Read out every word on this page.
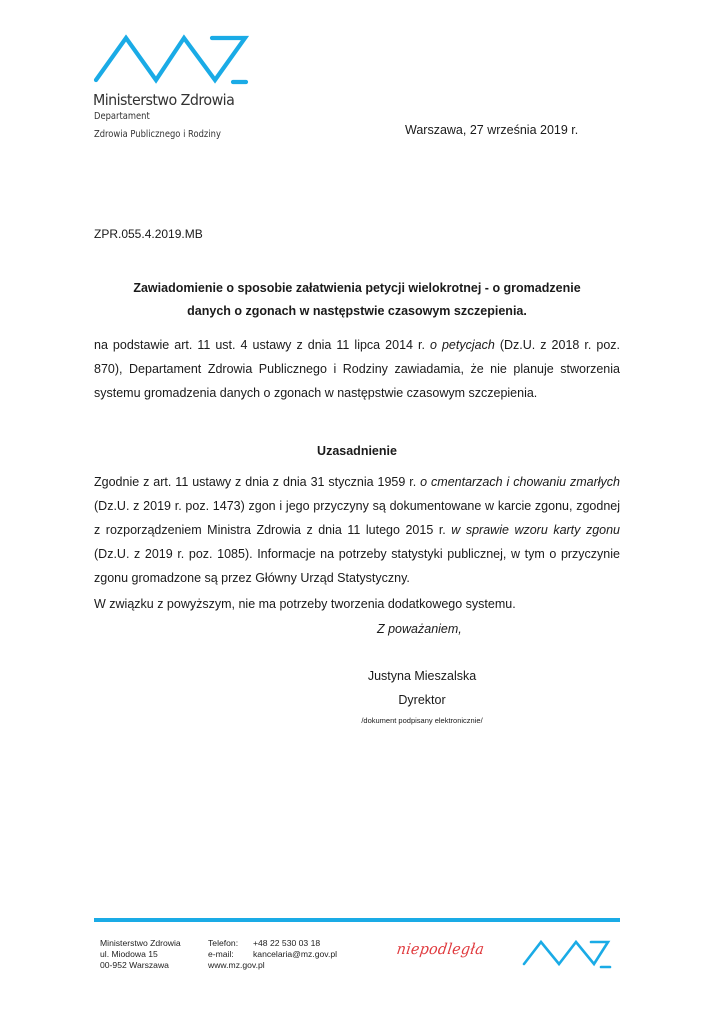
Ministerstwo Zdrowia
Departament
Zdrowia Publicznego i Rodziny	Warszawa, 27 września 2019 r.
ZPR.055.4.2019.MB
Zawiadomienie o sposobie załatwienia petycji wielokrotnej - o gromadzenie
danych o zgonach w następstwie czasowym szczepienia.
na podstawie art. 11 ust. 4 ustawy z dnia 11 lipca 2014 r. o petycjach (Dz.U. z 2018 r. poz. 870), Departament Zdrowia Publicznego i Rodziny zawiadamia, że nie planuje stworzenia systemu gromadzenia danych o zgonach w następstwie czasowym szczepienia.
Uzasadnienie
Zgodnie z art. 11 ustawy z dnia z dnia 31 stycznia 1959 r. o cmentarzach i chowaniu zmarłych (Dz.U. z 2019 r. poz. 1473) zgon i jego przyczyny są dokumentowane w karcie zgonu, zgodnej z rozporządzeniem Ministra Zdrowia z dnia 11 lutego 2015 r. w sprawie wzoru karty zgonu (Dz.U. z 2019 r. poz. 1085). Informacje na potrzeby statystyki publicznej, w tym o przyczynie zgonu gromadzone są przez Główny Urząd Statystyczny.
W związku z powyższym, nie ma potrzeby tworzenia dodatkowego systemu.
Z poważaniem,
Justyna Mieszalska
Dyrektor
/dokument podpisany elektronicznie/
Ministerstwo Zdrowia
ul. Miodowa 15
00-952 Warszawa
Telefon: +48 22 530 03 18
e-mail: kancelaria@mz.gov.pl
www.mz.gov.pl
niepodległa
